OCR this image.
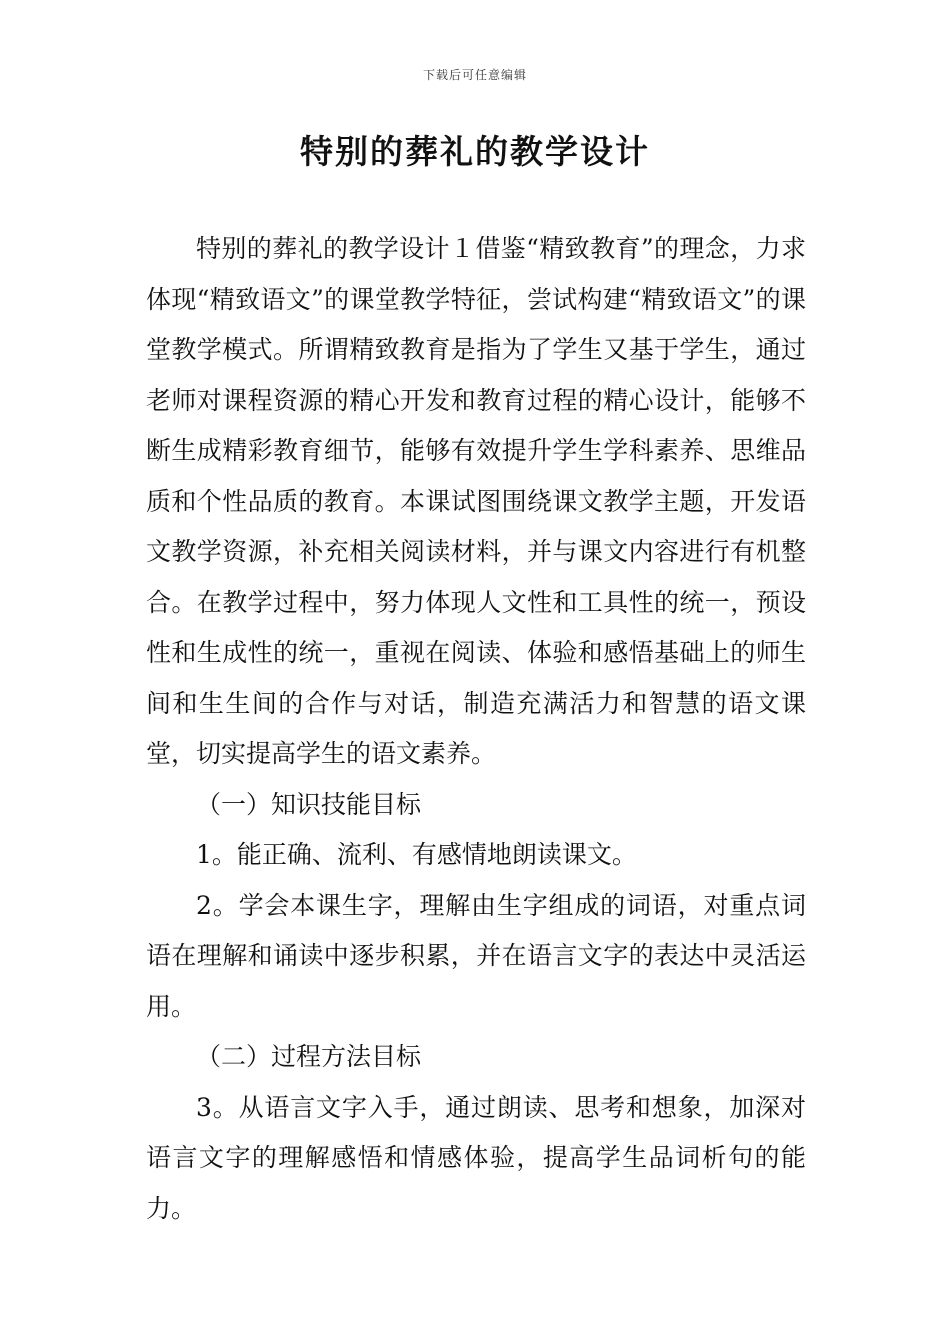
下载后可任意编辑
特别的葬礼的教学设计

特别的葬礼的教学设计１借鉴“精致教育”的理念，力求体现“精致语文”的课堂教学特征，尝试构建“精致语文”的课堂教学模式。所谓精致教育是指为了学生又基于学生，通过老师对课程资源的精心开发和教育过程的精心设计，能够不断生成精彩教育细节，能够有效提升学生学科素养、思维品质和个性品质的教育。本课试图围绕课文教学主题，开发语文教学资源，补充相关阅读材料，并与课文内容进行有机整合。在教学过程中，努力体现人文性和工具性的统一，预设性和生成性的统一，重视在阅读、体验和感悟基础上的师生间和生生间的合作与对话，制造充满活力和智慧的语文课堂，切实提高学生的语文素养。

（一）知识技能目标

1。能正确、流利、有感情地朗读课文。

2。学会本课生字，理解由生字组成的词语，对重点词语在理解和诵读中逐步积累，并在语言文字的表达中灵活运用。

（二）过程方法目标

3。从语言文字入手，通过朗读、思考和想象，加深对语言文字的理解感悟和情感体验，提高学生品词析句的能力。
